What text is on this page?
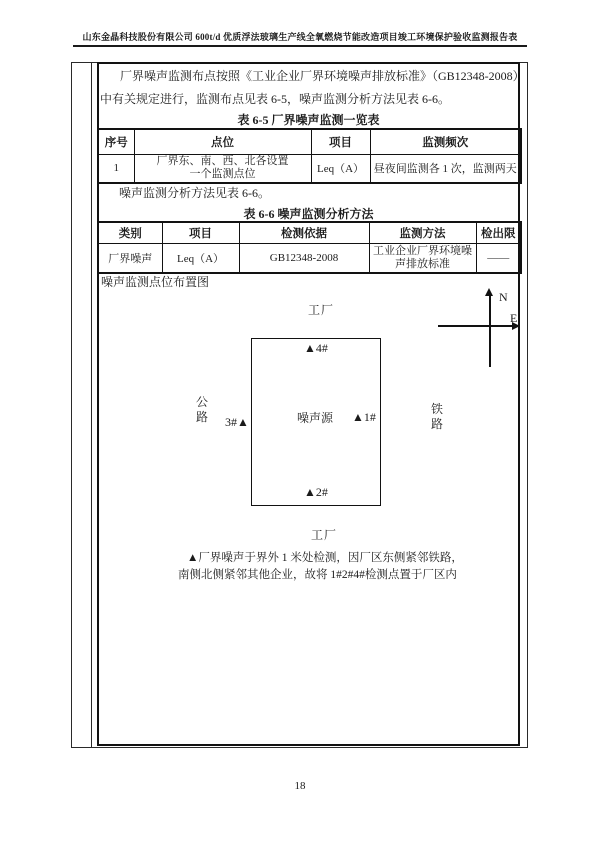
山东金晶科技股份有限公司 600t/d 优质浮法玻璃生产线全氧燃烧节能改造项目竣工环境保护验收监测报告表
厂界噪声监测布点按照《工业企业厂界环境噪声排放标准》（GB12348-2008）
中有关规定进行，监测布点见表 6-5，噪声监测分析方法见表 6-6。
表 6-5 厂界噪声监测一览表
序号	点位	项目	监测频次
1	厂界东、南、西、北各设置
一个监测点位	Leq（A）	昼夜间监测各 1 次，监测两天
噪声监测分析方法见表 6-6。
表 6-6 噪声监测分析方法
类别	项目	检测依据	监测方法	检出限
厂界噪声	Leq（A）	GB12348-2008	工业企业厂界环境噪
声排放标准	——
噪声监测点位布置图
工厂
N
E
▲4#
噪声源 ▲1#
3#▲
▲2#
公路
铁路
工厂
▲厂界噪声于界外 1 米处检测，因厂区东侧紧邻铁路，
南侧北侧紧邻其他企业，故将 1#2#4#检测点置于厂区内
18
